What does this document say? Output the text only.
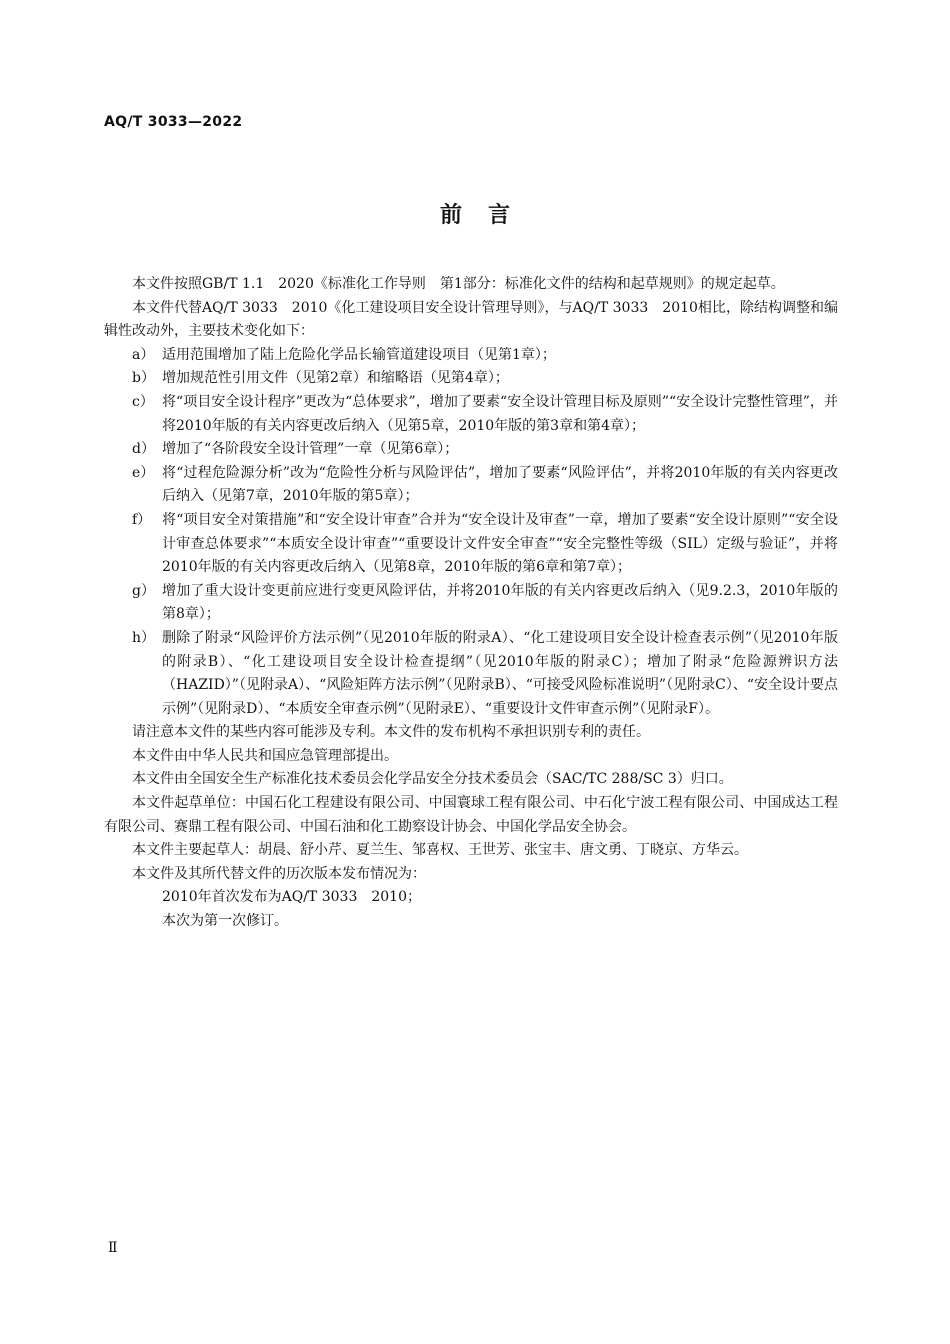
AQ/T 3033—2022
前言

本文件按照GB/T 1.1　2020《标准化工作导则　第1部分：标准化文件的结构和起草规则》的规定起草。

本文件代替AQ/T 3033　2010《化工建设项目安全设计管理导则》，与AQ/T 3033　2010相比，除结构调整和编辑性改动外，主要技术变化如下：

a） 适用范围增加了陆上危险化学品长输管道建设项目（见第1章）；
b） 增加规范性引用文件（见第2章）和缩略语（见第4章）；
c） 将“项目安全设计程序”更改为“总体要求”，增加了要素“安全设计管理目标及原则”“安全设计完整性管理”，并将2010年版的有关内容更改后纳入（见第5章，2010年版的第3章和第4章）；
d） 增加了“各阶段安全设计管理”一章（见第6章）；
e） 将“过程危险源分析”改为“危险性分析与风险评估”，增加了要素“风险评估”，并将2010年版的有关内容更改后纳入（见第7章，2010年版的第5章）；
f） 将“项目安全对策措施”和“安全设计审查”合并为“安全设计及审查”一章，增加了要素“安全设计原则”“安全设计审查总体要求”“本质安全设计审查”“重要设计文件安全审查”“安全完整性等级（SIL）定级与验证”，并将2010年版的有关内容更改后纳入（见第8章，2010年版的第6章和第7章）；
g） 增加了重大设计变更前应进行变更风险评估，并将2010年版的有关内容更改后纳入（见9.2.3，2010年版的第8章）；
h） 删除了附录“风险评价方法示例”（见2010年版的附录A）、“化工建设项目安全设计检查表示例”（见2010年版的附录B）、“化工建设项目安全设计检查提纲”（见2010年版的附录C）；增加了附录“危险源辨识方法（HAZID）”（见附录A）、“风险矩阵方法示例”（见附录B）、“可接受风险标准说明”（见附录C）、“安全设计要点示例”（见附录D）、“本质安全审查示例”（见附录E）、“重要设计文件审查示例”（见附录F）。

请注意本文件的某些内容可能涉及专利。本文件的发布机构不承担识别专利的责任。

本文件由中华人民共和国应急管理部提出。

本文件由全国安全生产标准化技术委员会化学品安全分技术委员会（SAC/TC 288/SC 3）归口。

本文件起草单位：中国石化工程建设有限公司、中国寰球工程有限公司、中石化宁波工程有限公司、中国成达工程有限公司、赛鼎工程有限公司、中国石油和化工勘察设计协会、中国化学品安全协会。

本文件主要起草人：胡晨、舒小芹、夏兰生、邹喜权、王世芳、张宝丰、唐文勇、丁晓京、方华云。

本文件及其所代替文件的历次版本发布情况为：

2010年首次发布为AQ/T 3033　2010；
本次为第一次修订。
Ⅱ
